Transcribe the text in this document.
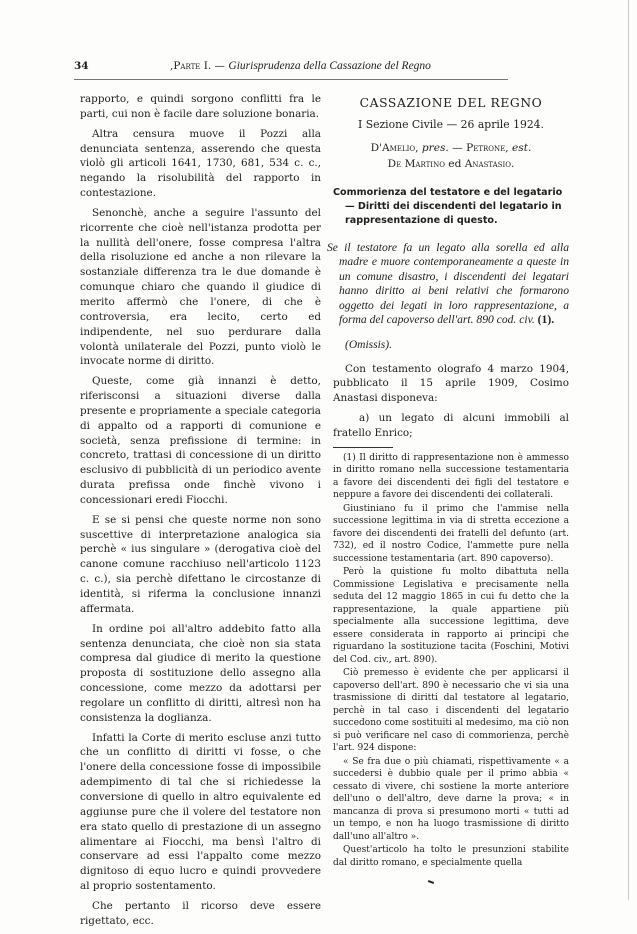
34	,Parte I. — Giurisprudenza della Cassazione del Regno

rapporto, e quindi sorgono conflitti fra le parti, cui non è facile dare soluzione bonaria.

Altra censura muove il Pozzi alla denunciata sentenza, asserendo che questa violò gli articoli 1641, 1730, 681, 534 c. c., negando la risolubilità del rapporto in contestazione.

Senonchè, anche a seguire l'assunto del ricorrente che cioè nell'istanza prodotta per la nullità dell'onere, fosse compresa l'altra della risoluzione ed anche a non rilevare la sostanziale differenza tra le due domande è comunque chiaro che quando il giudice di merito affermò che l'onere, di che è controversia, era lecito, certo ed indipendente, nel suo perdurare dalla volontà unilaterale del Pozzi, punto violò le invocate norme di diritto.

Queste, come già innanzi è detto, riferisconsi a situazioni diverse dalla presente e propriamente a speciale categoria di appalto od a rapporti di comunione e società, senza prefissione di termine: in concreto, trattasi di concessione di un diritto esclusivo di pubblicità di un periodico avente durata prefissa onde finchè vivono i concessionari eredi Fiocchi.

E se si pensi che queste norme non sono suscettive di interpretazione analogica sia perchè « ius singulare » (derogativa cioè del canone comune racchiuso nell'articolo 1123 c. c.), sia perchè difettano le circostanze di identità, si riferma la conclusione innanzi affermata.

In ordine poi all'altro addebito fatto alla sentenza denunciata, che cioè non sia stata compresa dal giudice di merito la questione proposta di sostituzione dello assegno alla concessione, come mezzo da adottarsi per regolare un conflitto di diritti, altresì non ha consistenza la doglianza.

Infatti la Corte di merito escluse anzi tutto che un conflitto di diritti vi fosse, o che l'onere della concessione fosse di impossibile adempimento di tal che si richiedesse la conversione di quello in altro equivalente ed aggiunse pure che il volere del testatore non era stato quello di prestazione di un assegno alimentare ai Fiocchi, ma bensì l'altro di conservare ad essi l'appalto come mezzo dignitoso di equo lucro e quindi provvedere al proprio sostentamento.

Che pertanto il ricorso deve essere rigettato, ecc.

CASSAZIONE DEL REGNO
I Sezione Civile — 26 aprile 1924.
D'Amelio, pres. — Petrone, est.
De Martino ed Anastasio.
Commorienza del testatore e del legatario — Diritti dei discendenti del legatario in rappresentazione di questo.
Se il testatore fa un legato alla sorella ed alla madre e muore contemporaneamente a queste in un comune disastro, i discendenti dei legatari hanno diritto ai beni relativi che formarono oggetto dei legati in loro rappresentazione, a forma del capoverso dell'art. 890 cod. civ. (1).
(Omissis).

Con testamento olografo 4 marzo 1904, pubblicato il 15 aprile 1909, Cosimo Anastasi disponeva:

a) un legato di alcuni immobili al fratello Enrico;

(1) Il diritto di rappresentazione non è ammesso in diritto romano nella successione testamentaria a favore dei discendenti dei figli del testatore e neppure a favore dei discendenti dei collaterali.

Giustiniano fu il primo che l'ammise nella successione legittima in via di stretta eccezione a favore dei discendenti dei fratelli del defunto (art. 732), ed il nostro Codice, l'ammette pure nella successione testamentaria (art. 890 capoverso).

Però la quistione fu molto dibattuta nella Commissione Legislativa e precisamente nella seduta del 12 maggio 1865 in cui fu detto che la rappresentazione, la quale appartiene più specialmente alla successione legittima, deve essere considerata in rapporto ai principi che riguardano la sostituzione tacita (Foschini, Motivi del Cod. civ., art. 890).

Ciò premesso è evidente che per applicarsi il capoverso dell'art. 890 è necessario che vi sia una trasmissione di diritti dal testatore al legatario, perchè in tal caso i discendenti del legatario succedono come sostituiti al medesimo, ma ciò non si può verificare nel caso di commorienza, perchè l'art. 924 dispone:

« Se fra due o più chiamati, rispettivamente « a succedersi è dubbio quale per il primo abbia « cessato di vivere, chi sostiene la morte anteriore dell'uno o dell'altro, deve darne la prova; « in mancanza di prova si presumono morti « tutti ad un tempo, e non ha luogo trasmissione di diritto dall'uno all'altro ».

Quest'articolo ha tolto le presunzioni stabilite dal diritto romano, e specialmente quella
